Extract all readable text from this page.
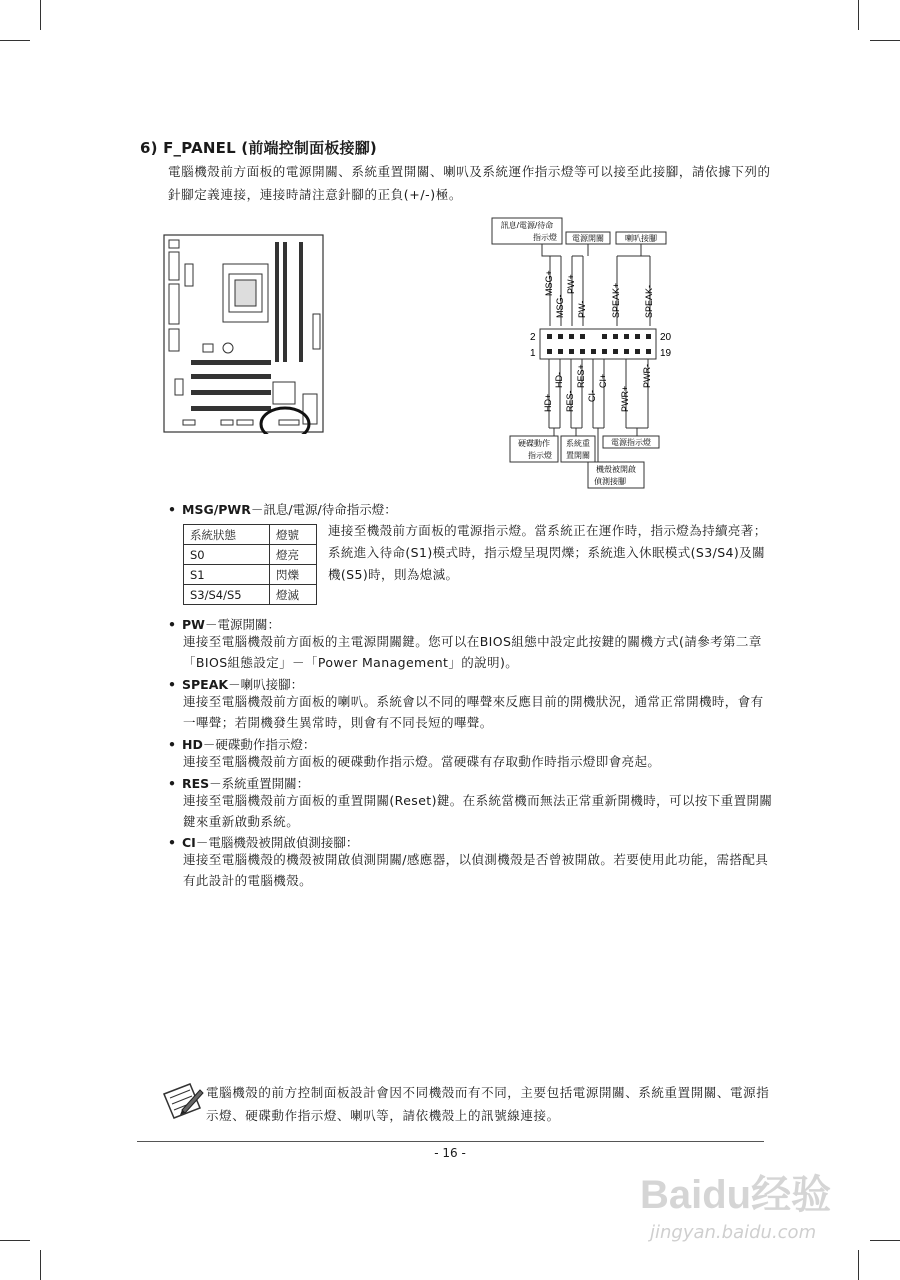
6) F_PANEL (前端控制面板接腳)
電腦機殼前方面板的電源開關、系統重置開關、喇叭及系統運作指示燈等可以接至此接腳，請依據下列的針腳定義連接，連接時請注意針腳的正負(+/-)極。
訊息/電源/待命
指示燈 電源開關	喇叭接腳
MSG+
MSG-
PW+
PW-	SPEAK+	SPEAK-
2
1
20
19
HD+
HD-
RES-
RES+
CI-
CI+
PWR+
PWR-
硬碟動作
指示燈
系統重
置開關
電源指示燈
機殼被開啟
偵測接腳
• MSG/PWR－訊息/電源/待命指示燈：
系統狀態	燈號
S0	燈亮
S1	閃爍
S3/S4/S5	燈滅
連接至機殼前方面板的電源指示燈。當系統正在運作時，指示燈為持續亮著；系統進入待命(S1)模式時，指示燈呈現閃爍；系統進入休眠模式(S3/S4)及關機(S5)時，則為熄滅。
• PW－電源開關：
連接至電腦機殼前方面板的主電源開關鍵。您可以在BIOS組態中設定此按鍵的關機方式(請參考第二章「BIOS組態設定」－「Power Management」的說明)。
• SPEAK－喇叭接腳：
連接至電腦機殼前方面板的喇叭。系統會以不同的嗶聲來反應目前的開機狀況，通常正常開機時，會有一嗶聲；若開機發生異常時，則會有不同長短的嗶聲。
• HD－硬碟動作指示燈：
連接至電腦機殼前方面板的硬碟動作指示燈。當硬碟有存取動作時指示燈即會亮起。
• RES－系統重置開關：
連接至電腦機殼前方面板的重置開關(Reset)鍵。在系統當機而無法正常重新開機時，可以按下重置開關鍵來重新啟動系統。
• CI－電腦機殼被開啟偵測接腳：
連接至電腦機殼的機殼被開啟偵測開關/感應器，以偵測機殼是否曾被開啟。若要使用此功能，需搭配具有此設計的電腦機殼。
電腦機殼的前方控制面板設計會因不同機殼而有不同，主要包括電源開關、系統重置開關、電源指示燈、硬碟動作指示燈、喇叭等，請依機殼上的訊號線連接。
- 16 -
Baidu经验
jingyan.baidu.com
